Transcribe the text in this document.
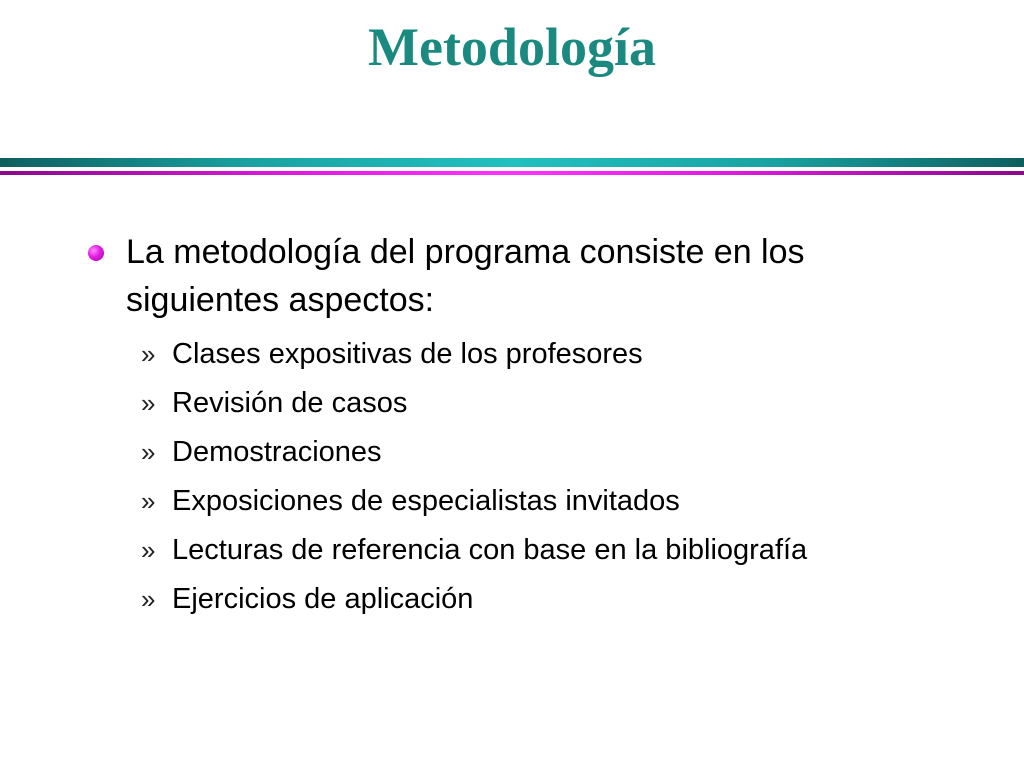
Metodología
La metodología del programa consiste en los siguientes aspectos:
» Clases expositivas de los profesores
» Revisión de casos
» Demostraciones
» Exposiciones de especialistas invitados
» Lecturas de referencia con base en la bibliografía
» Ejercicios de aplicación
